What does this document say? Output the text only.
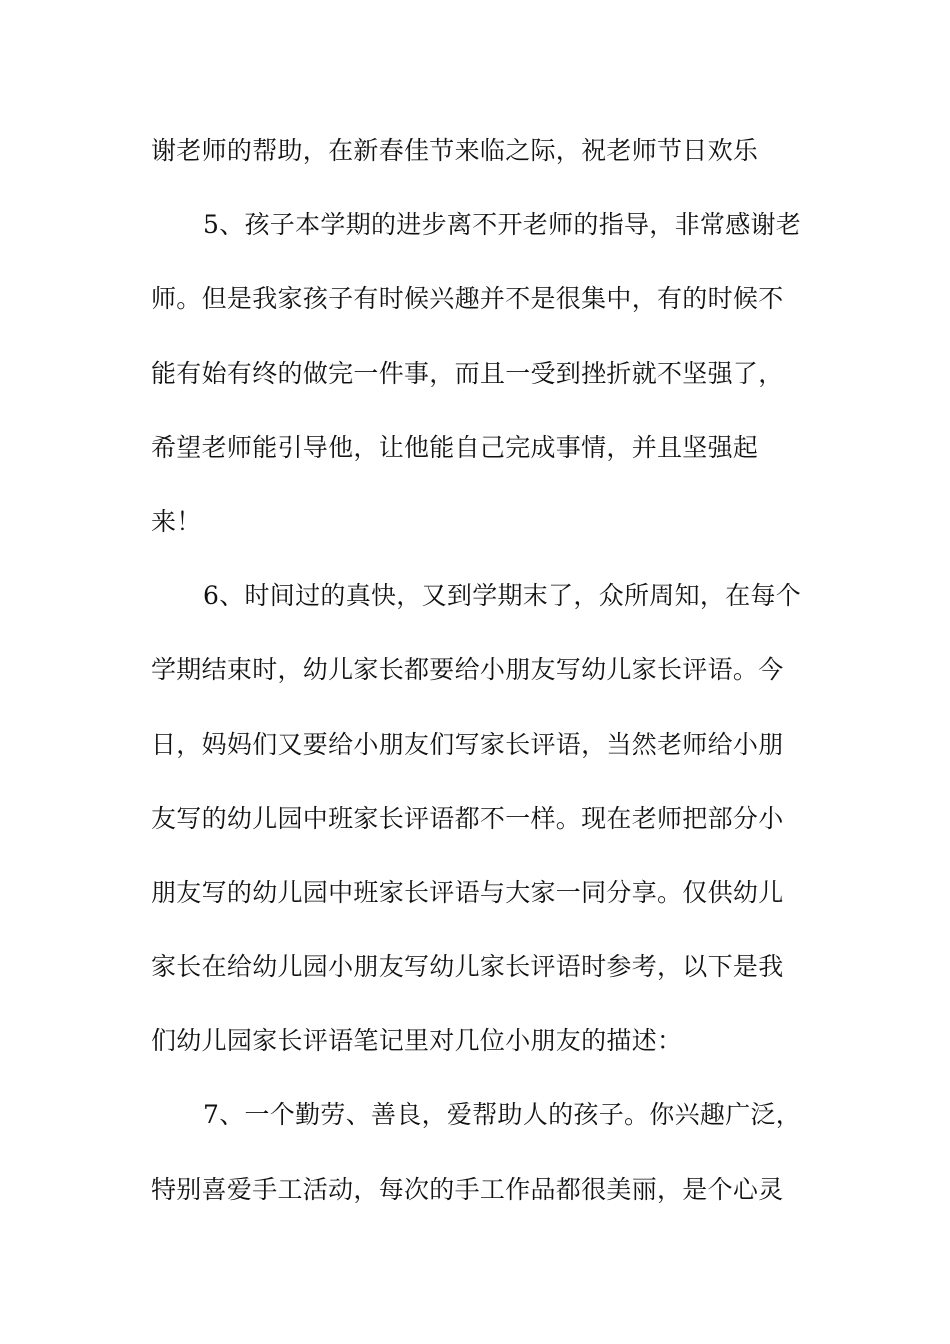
谢老师的帮助，在新春佳节来临之际，祝老师节日欢乐
5、孩子本学期的进步离不开老师的指导，非常感谢老
师。但是我家孩子有时候兴趣并不是很集中，有的时候不
能有始有终的做完一件事，而且一受到挫折就不坚强了，
希望老师能引导他，让他能自己完成事情，并且坚强起
来！
6、时间过的真快，又到学期末了，众所周知，在每个
学期结束时，幼儿家长都要给小朋友写幼儿家长评语。今
日，妈妈们又要给小朋友们写家长评语，当然老师给小朋
友写的幼儿园中班家长评语都不一样。现在老师把部分小
朋友写的幼儿园中班家长评语与大家一同分享。仅供幼儿
家长在给幼儿园小朋友写幼儿家长评语时参考，以下是我
们幼儿园家长评语笔记里对几位小朋友的描述：
7、一个勤劳、善良，爱帮助人的孩子。你兴趣广泛，
特别喜爱手工活动，每次的手工作品都很美丽，是个心灵
